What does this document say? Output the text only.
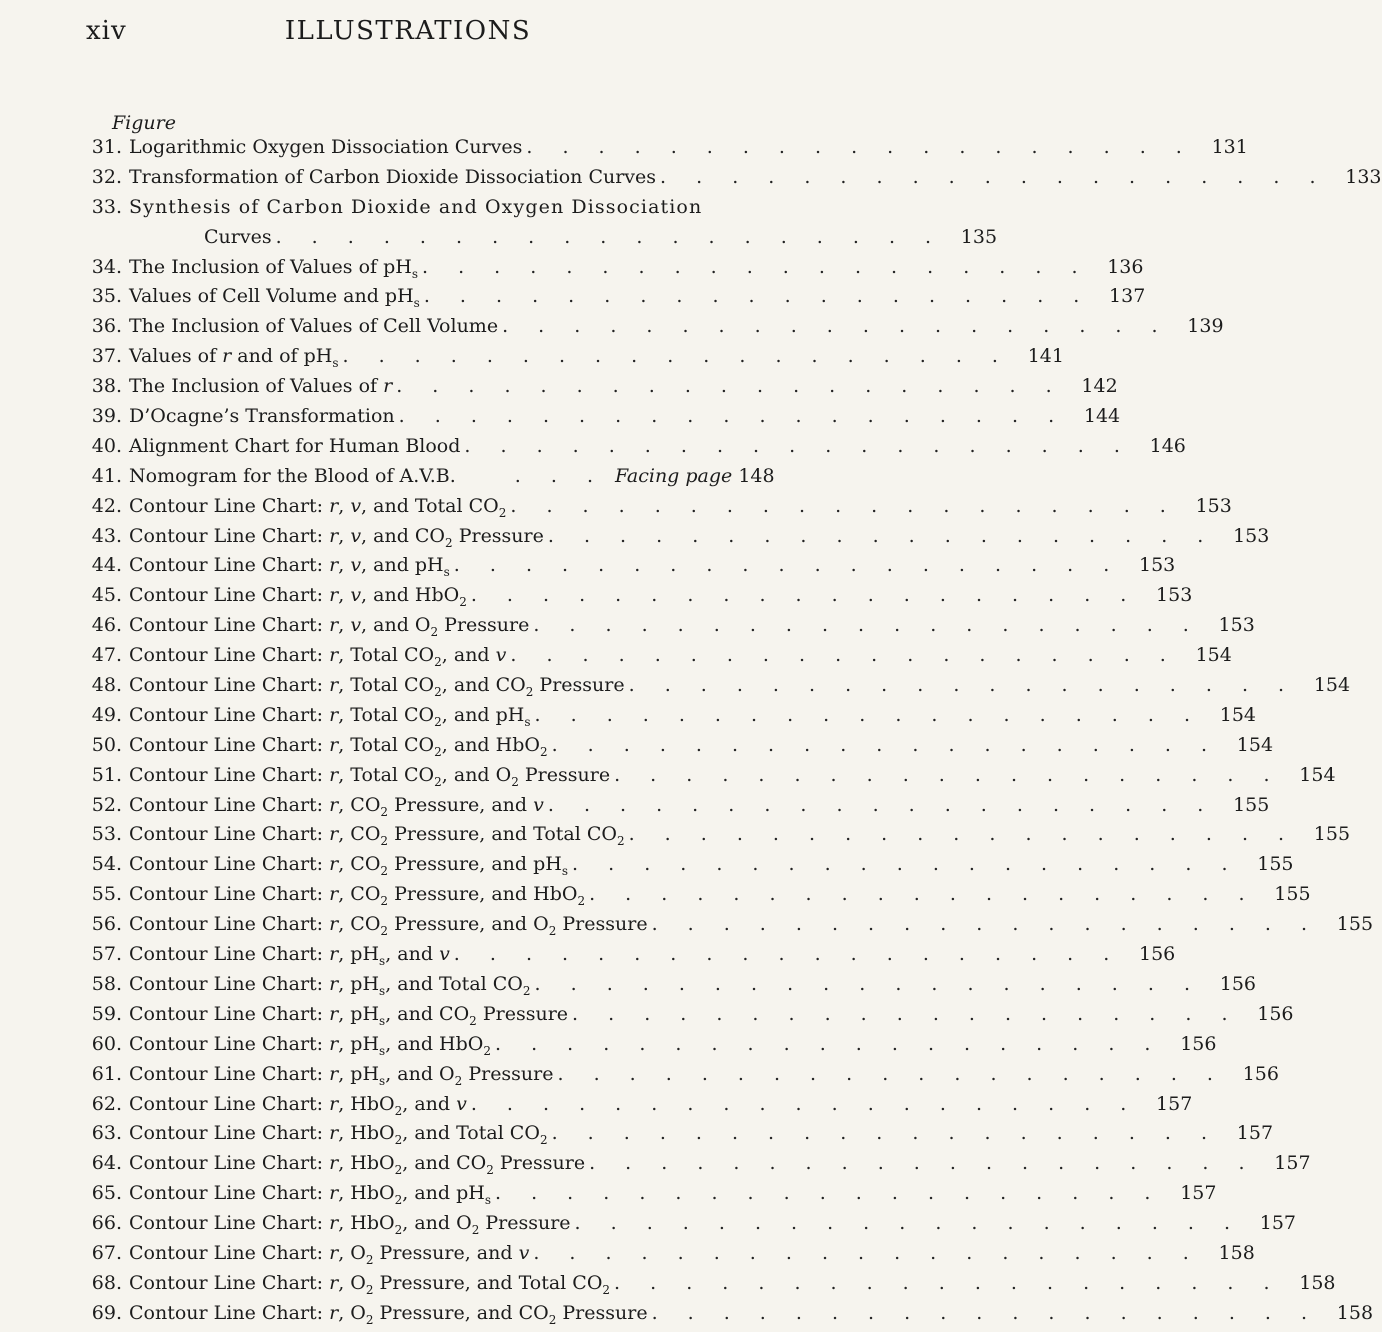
xiv	ILLUSTRATIONS
Figure
31. Logarithmic Oxygen Dissociation Curves . . . . . . . . . . . . . . . . . . . 131
32. Transformation of Carbon Dioxide Dissociation Curves . . . . . . . . . . . . . . . . . . . 133
33. Synthesis of Carbon Dioxide and Oxygen Dissociation
Curves . . . . . . . . . . . . . . . . . . . 135
34. The Inclusion of Values of $pH_s$ . . . . . . . . . . . . . . . . . . . 136
35. Values of Cell Volume and $pH_s$ . . . . . . . . . . . . . . . . . . . 137
36. The Inclusion of Values of Cell Volume . . . . . . . . . . . . . . . . . . . 139
37. Values of r and of $pH_s$ . . . . . . . . . . . . . . . . . . . 141
38. The Inclusion of Values of r . . . . . . . . . . . . . . . . . . . 142
39. D’Ocagne’s Transformation . . . . . . . . . . . . . . . . . . . 144
40. Alignment Chart for Human Blood . . . . . . . . . . . . . . . . . . . 146
41. Nomogram for the Blood of A.V.B.	. . . Facing page 148
42. Contour Line Chart: r, v, and Total $CO_2$ . . . . . . . . . . . . . . . . . . . 153
43. Contour Line Chart: r, v, and $CO_2$ Pressure . . . . . . . . . . . . . . . . . . . 153
44. Contour Line Chart: r, v, and $pH_s$ . . . . . . . . . . . . . . . . . . . 153
45. Contour Line Chart: r, v, and HbO$_2$ . . . . . . . . . . . . . . . . . . . 153
46. Contour Line Chart: r, v, and $O_2$ Pressure . . . . . . . . . . . . . . . . . . . 153
47. Contour Line Chart: r, Total $CO_2$, and v . . . . . . . . . . . . . . . . . . . 154
48. Contour Line Chart: r, Total $CO_2$, and $CO_2$ Pressure . . . . . . . . . . . . . . . . . . . 154
49. Contour Line Chart: r, Total $CO_2$, and $pH_s$ . . . . . . . . . . . . . . . . . . . 154
50. Contour Line Chart: r, Total $CO_2$, and HbO$_2$ . . . . . . . . . . . . . . . . . . . 154
51. Contour Line Chart: r, Total $CO_2$, and $O_2$ Pressure . . . . . . . . . . . . . . . . . . . 154
52. Contour Line Chart: r, $CO_2$ Pressure, and v . . . . . . . . . . . . . . . . . . . 155
53. Contour Line Chart: r, $CO_2$ Pressure, and Total $CO_2$ . . . . . . . . . . . . . . . . . . . 155
54. Contour Line Chart: r, $CO_2$ Pressure, and $pH_s$ . . . . . . . . . . . . . . . . . . . 155
55. Contour Line Chart: r, $CO_2$ Pressure, and HbO$_2$ . . . . . . . . . . . . . . . . . . . 155
56. Contour Line Chart: r, $CO_2$ Pressure, and $O_2$ Pressure . . . . . . . . . . . . . . . . . . . 155
57. Contour Line Chart: r, $pH_s$, and v . . . . . . . . . . . . . . . . . . . 156
58. Contour Line Chart: r, $pH_s$, and Total $CO_2$ . . . . . . . . . . . . . . . . . . . 156
59. Contour Line Chart: r, $pH_s$, and $CO_2$ Pressure . . . . . . . . . . . . . . . . . . . 156
60. Contour Line Chart: r, $pH_s$, and HbO$_2$ . . . . . . . . . . . . . . . . . . . 156
61. Contour Line Chart: r, $pH_s$, and $O_2$ Pressure . . . . . . . . . . . . . . . . . . . 156
62. Contour Line Chart: r, HbO$_2$, and v . . . . . . . . . . . . . . . . . . . 157
63. Contour Line Chart: r, HbO$_2$, and Total $CO_2$ . . . . . . . . . . . . . . . . . . . 157
64. Contour Line Chart: r, HbO$_2$, and $CO_2$ Pressure . . . . . . . . . . . . . . . . . . . 157
65. Contour Line Chart: r, HbO$_2$, and $pH_s$ . . . . . . . . . . . . . . . . . . . 157
66. Contour Line Chart: r, HbO$_2$, and $O_2$ Pressure . . . . . . . . . . . . . . . . . . . 157
67. Contour Line Chart: r, $O_2$ Pressure, and v . . . . . . . . . . . . . . . . . . . 158
68. Contour Line Chart: r, $O_2$ Pressure, and Total $CO_2$ . . . . . . . . . . . . . . . . . . . 158
69. Contour Line Chart: r, $O_2$ Pressure, and $CO_2$ Pressure . . . . . . . . . . . . . . . . . . . 158
